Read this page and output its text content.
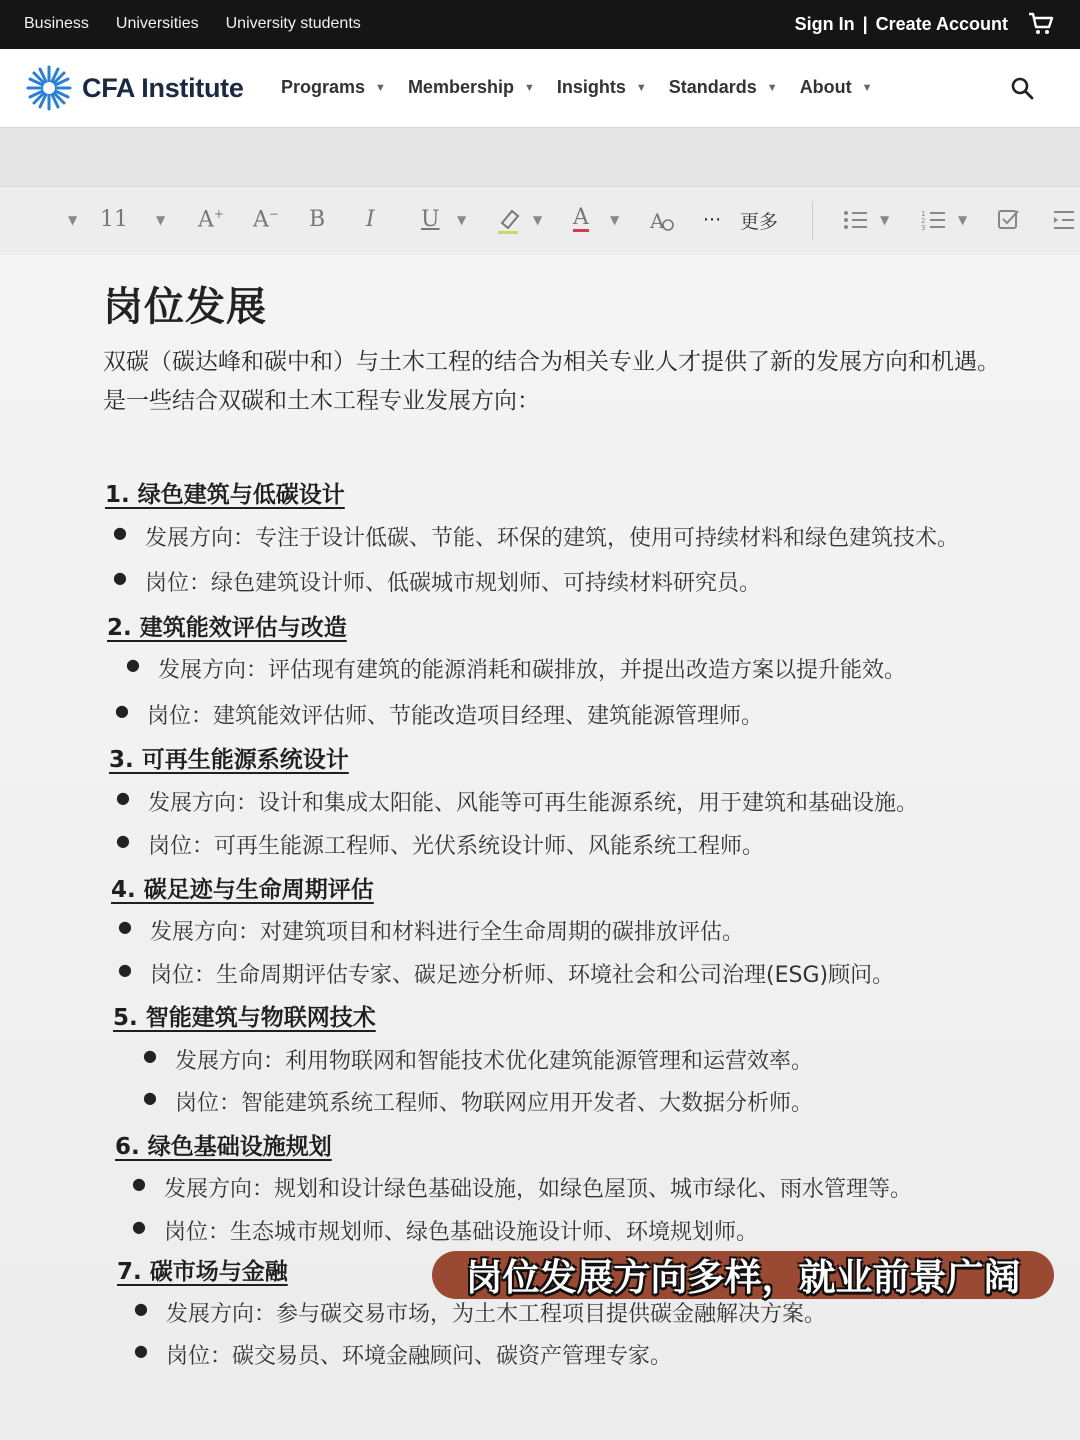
Business Universities University students	Sign In | Create Account
CFA Institute Programs ▼ Membership ▼ Insights ▼ Standards ▼ About ▼
▼ 11 ▼ A+ A− B I U ▼	▼ A ▼ A ··· 更多	▼	1
2
3
▼
岗位发展
双碳（碳达峰和碳中和）与土木工程的结合为相关专业人才提供了新的发展方向和机遇。
是一些结合双碳和土木工程专业发展方向：
1. 绿色建筑与低碳设计
● 发展方向：专注于设计低碳、节能、环保的建筑，使用可持续材料和绿色建筑技术。
● 岗位：绿色建筑设计师、低碳城市规划师、可持续材料研究员。
2. 建筑能效评估与改造
● 发展方向：评估现有建筑的能源消耗和碳排放，并提出改造方案以提升能效。
● 岗位：建筑能效评估师、节能改造项目经理、建筑能源管理师。
3. 可再生能源系统设计
● 发展方向：设计和集成太阳能、风能等可再生能源系统，用于建筑和基础设施。
● 岗位：可再生能源工程师、光伏系统设计师、风能系统工程师。
4. 碳足迹与生命周期评估
● 发展方向：对建筑项目和材料进行全生命周期的碳排放评估。
● 岗位：生命周期评估专家、碳足迹分析师、环境社会和公司治理(ESG)顾问。
5. 智能建筑与物联网技术
● 发展方向：利用物联网和智能技术优化建筑能源管理和运营效率。
● 岗位：智能建筑系统工程师、物联网应用开发者、大数据分析师。
6. 绿色基础设施规划
● 发展方向：规划和设计绿色基础设施，如绿色屋顶、城市绿化、雨水管理等。
● 岗位：生态城市规划师、绿色基础设施设计师、环境规划师。
7. 碳市场与金融
● 发展方向：参与碳交易市场，为土木工程项目提供碳金融解决方案。
● 岗位：碳交易员、环境金融顾问、碳资产管理专家。
岗位发展方向多样，就业前景广阔
